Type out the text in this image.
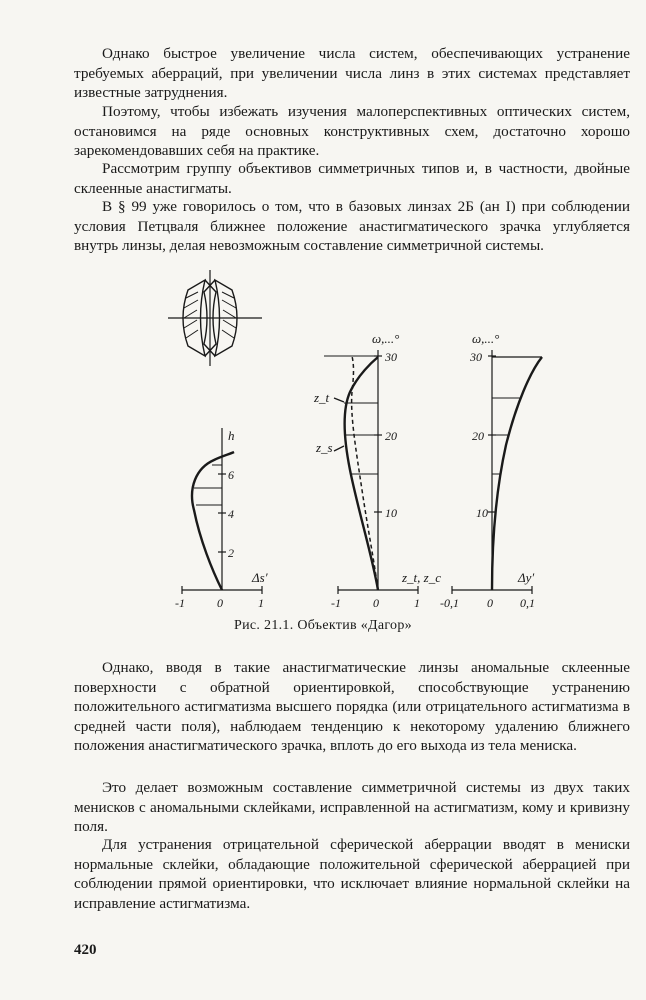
Однако быстрое увеличение числа систем, обеспечивающих устранение требуемых аберраций, при увеличении числа линз в этих системах представляет известные затруднения.

Поэтому, чтобы избежать изучения малоперспективных оптических систем, остановимся на ряде основных конструктивных схем, достаточно хорошо зарекомендовавших себя на практике.

Рассмотрим группу объективов симметричных типов и, в частности, двойные склеенные анастигматы.

В § 99 уже говорилось о том, что в базовых линзах 2Б (ан I) при соблюдении условия Петцваля ближнее положение анастигматического зрачка углубляется внутрь линзы, делая невозможным составление симметричной системы.

h
Δs′
6
4
2
-1	0	1
ω,...°
z_t, z_c
z_t
z_s
30
20
10
-1	0	1
ω,...°
Δy′
30
20
10
-0,1 0 0,1
Рис. 21.1. Объектив «Дагор»

Однако, вводя в такие анастигматические линзы аномальные склеенные поверхности с обратной ориентировкой, способствующие устранению положительного астигматизма высшего порядка (или отрицательного астигматизма в средней части поля), наблюдаем тенденцию к некоторому удалению ближнего положения анастигматического зрачка, вплоть до его выхода из тела мениска.

Это делает возможным составление симметричной системы из двух таких менисков с аномальными склейками, исправленной на астигматизм, кому и кривизну поля.

Для устранения отрицательной сферической аберрации вводят в мениски нормальные склейки, обладающие положительной сферической аберрацией при соблюдении прямой ориентировки, что исключает влияние нормальной склейки на исправление астигматизма.

420
